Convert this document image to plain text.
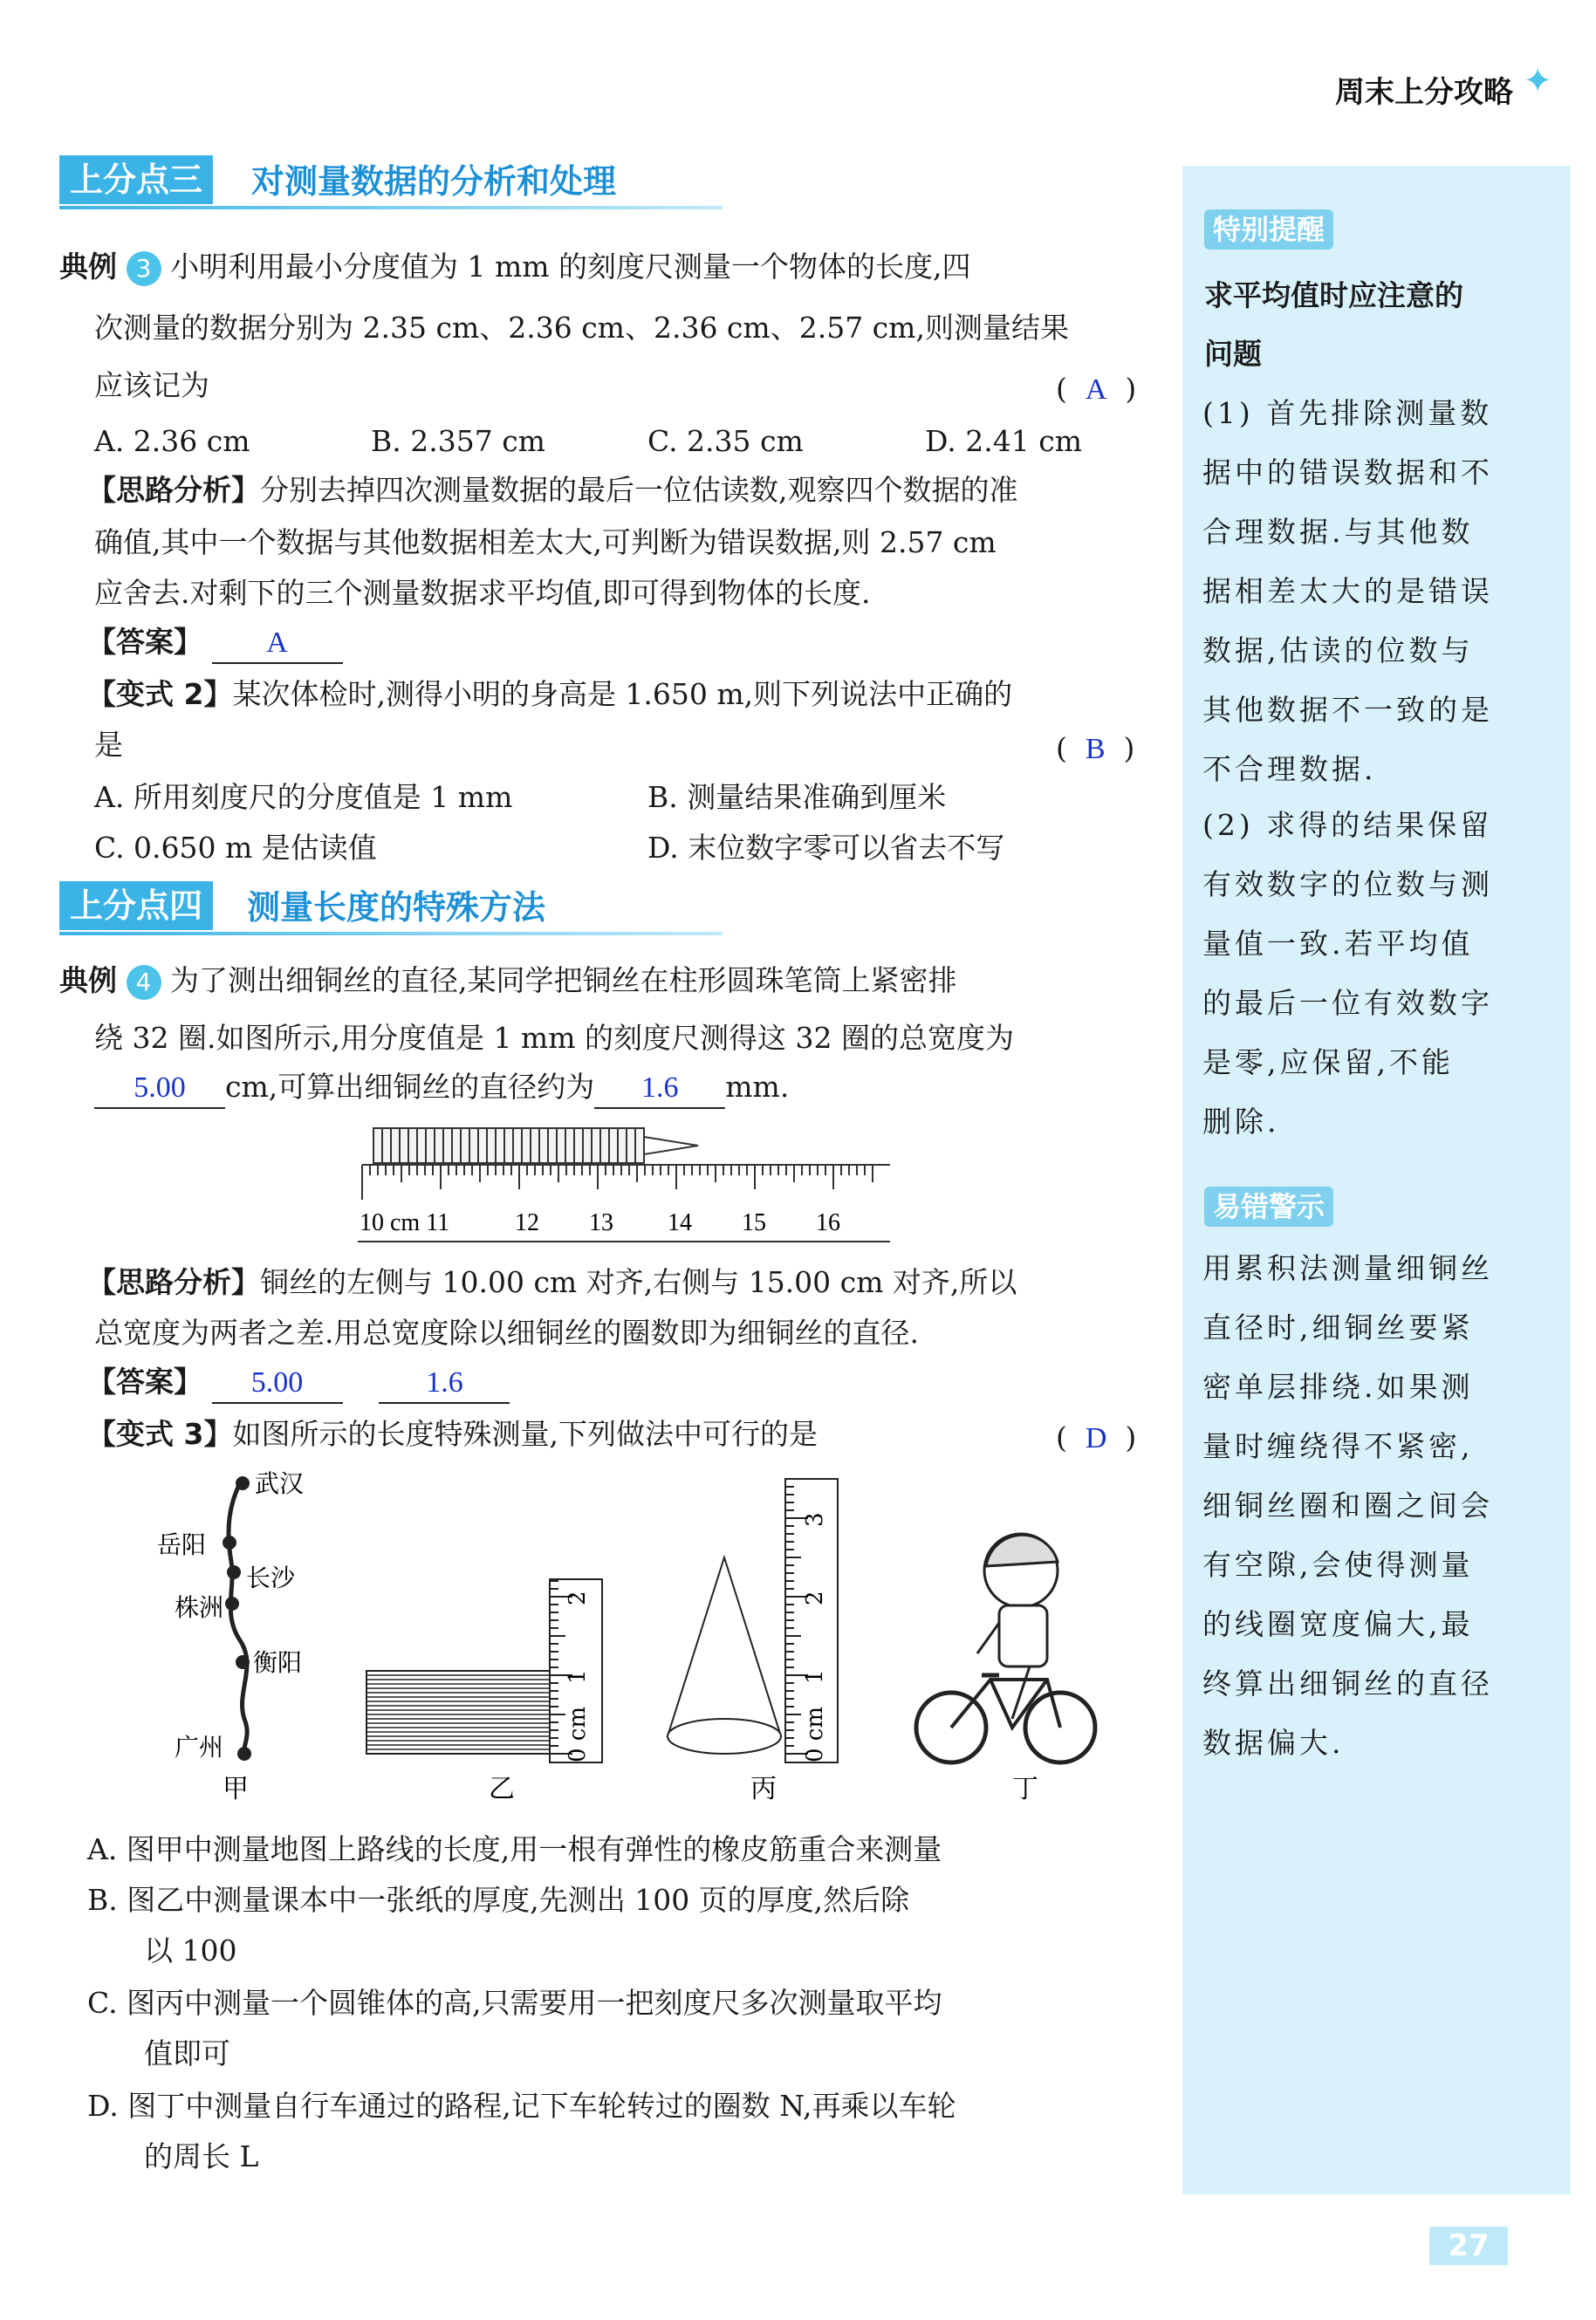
周末上分攻略 ✦
上分点三	对测量数据的分析和处理
典例 3 小明利用最小分度值为 1 mm 的刻度尺测量一个物体的长度,四
次测量的数据分别为 2.35 cm、2.36 cm、2.36 cm、2.57 cm,则测量结果
应该记为	(  A  )
A. 2.36 cm	B. 2.357 cm	C. 2.35 cm	D. 2.41 cm
【思路分析】分别去掉四次测量数据的最后一位估读数,观察四个数据的准
确值,其中一个数据与其他数据相差太大,可判断为错误数据,则 2.57 cm
应舍去.对剩下的三个测量数据求平均值,即可得到物体的长度.
【答案】 A
【变式 2】某次体检时,测得小明的身高是 1.650 m,则下列说法中正确的
是	(  B  )
A. 所用刻度尺的分度值是 1 mm	B. 测量结果准确到厘米
C. 0.650 m 是估读值	D. 末位数字零可以省去不写
上分点四	测量长度的特殊方法
典例 4 为了测出细铜丝的直径,某同学把铜丝在柱形圆珠笔筒上紧密排
绕 32 圈.如图所示,用分度值是 1 mm 的刻度尺测得这 32 圈的总宽度为
5.00 cm,可算出细铜丝的直径约为 1.6 mm.
10 cm 11	12 13 14 15 16
【思路分析】铜丝的左侧与 10.00 cm 对齐,右侧与 15.00 cm 对齐,所以
总宽度为两者之差.用总宽度除以细铜丝的圈数即为细铜丝的直径.
【答案】 5.00	1.6
【变式 3】如图所示的长度特殊测量,下列做法中可行的是	(  D  )
武汉
岳阳
长沙
株洲
衡阳
广州
甲
0 cm
1
2
乙
0 cm
1
2
3
丙	丁
A. 图甲中测量地图上路线的长度,用一根有弹性的橡皮筋重合来测量
B. 图乙中测量课本中一张纸的厚度,先测出 100 页的厚度,然后除
以 100
C. 图丙中测量一个圆锥体的高,只需要用一把刻度尺多次测量取平均
值即可
D. 图丁中测量自行车通过的路程,记下车轮转过的圈数 N,再乘以车轮
的周长 L
特别提醒
求平均值时应注意的
问题
(1) 首先排除测量数
据中的错误数据和不
合理数据.与其他数
据相差太大的是错误
数据,估读的位数与
其他数据不一致的是
不合理数据.
(2) 求得的结果保留
有效数字的位数与测
量值一致.若平均值
的最后一位有效数字
是零,应保留,不能
删除.
易错警示
用累积法测量细铜丝
直径时,细铜丝要紧
密单层排绕.如果测
量时缠绕得不紧密,
细铜丝圈和圈之间会
有空隙,会使得测量
的线圈宽度偏大,最
终算出细铜丝的直径
数据偏大.
27
